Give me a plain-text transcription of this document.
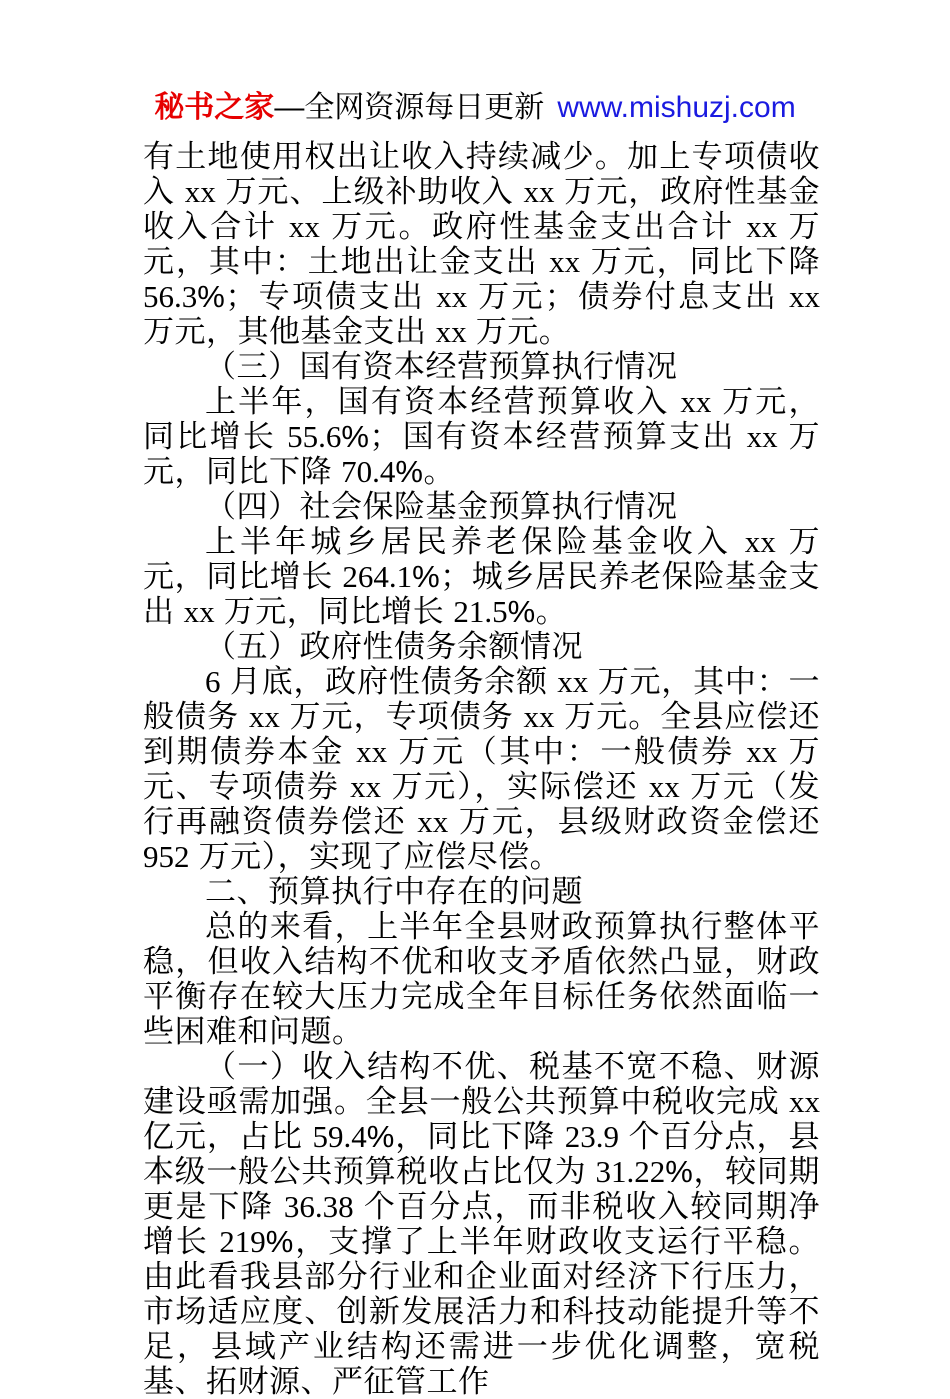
秘书之家—全网资源每日更新 www.mishuzj.com

有土地使用权出让收入持续减少。加上专项债收入 xx 万元、上级补助收入 xx 万元，政府性基金收入合计 xx 万元。政府性基金支出合计 xx 万元，其中：土地出让金支出 xx 万元，同比下降 56.3%；专项债支出 xx 万元；债券付息支出 xx 万元，其他基金支出 xx 万元。

（三）国有资本经营预算执行情况

上半年，国有资本经营预算收入 xx 万元，同比增长 55.6%；国有资本经营预算支出 xx 万元，同比下降 70.4%。

（四）社会保险基金预算执行情况

上半年城乡居民养老保险基金收入 xx 万元，同比增长 264.1%；城乡居民养老保险基金支出 xx 万元，同比增长 21.5%。

（五）政府性债务余额情况

6 月底，政府性债务余额 xx 万元，其中：一般债务 xx 万元，专项债务 xx 万元。全县应偿还到期债券本金 xx 万元（其中：一般债券 xx 万元、专项债券 xx 万元），实际偿还 xx 万元（发行再融资债券偿还 xx 万元，县级财政资金偿还 952 万元），实现了应偿尽偿。

二、预算执行中存在的问题

总的来看，上半年全县财政预算执行整体平稳，但收入结构不优和收支矛盾依然凸显，财政平衡存在较大压力完成全年目标任务依然面临一些困难和问题。

（一）收入结构不优、税基不宽不稳、财源建设亟需加强。全县一般公共预算中税收完成 xx 亿元，占比 59.4%，同比下降 23.9 个百分点，县本级一般公共预算税收占比仅为 31.22%，较同期更是下降 36.38 个百分点，而非税收入较同期净增长 219%，支撑了上半年财政收支运行平稳。由此看我县部分行业和企业面对经济下行压力，市场适应度、创新发展活力和科技动能提升等不足，县域产业结构还需进一步优化调整，宽税基、拓财源、严征管工作
